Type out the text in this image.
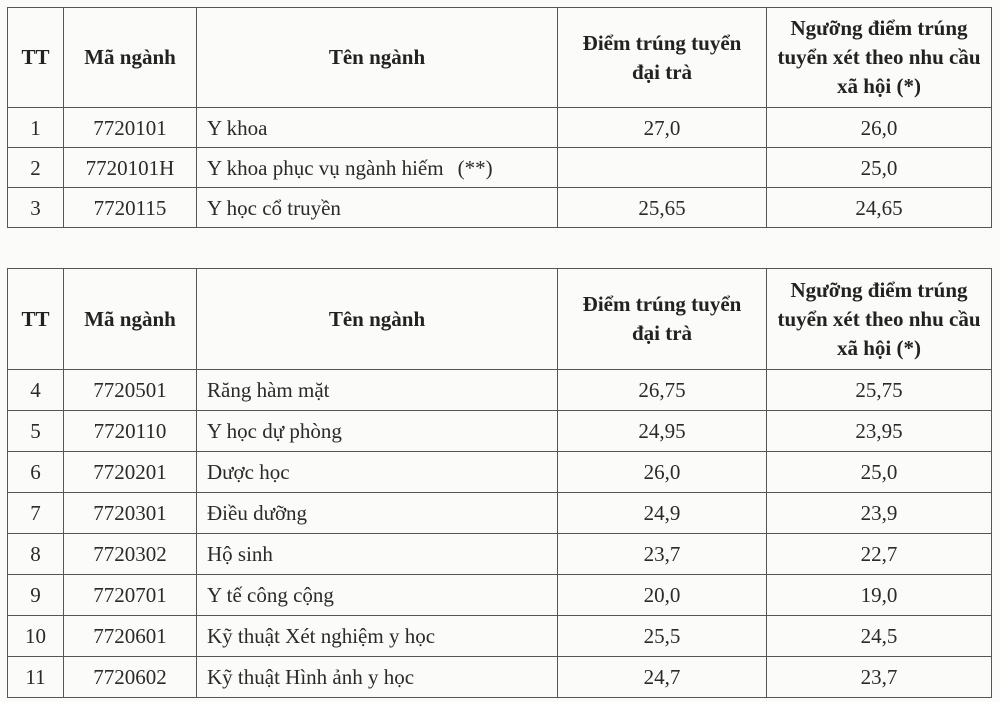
TT	Mã ngành	Tên ngành	Điểm trúng tuyển đại trà	Ngưỡng điểm trúng tuyển xét theo nhu cầu xã hội (*)
1	7720101	Y khoa	27,0	26,0
2	7720101H	Y khoa phục vụ ngành hiếm (**)		25,0
3	7720115	Y học cổ truyền	25,65	24,65
TT	Mã ngành	Tên ngành	Điểm trúng tuyển đại trà	Ngưỡng điểm trúng tuyển xét theo nhu cầu xã hội (*)
4	7720501	Răng hàm mặt	26,75	25,75
5	7720110	Y học dự phòng	24,95	23,95
6	7720201	Dược học	26,0	25,0
7	7720301	Điều dưỡng	24,9	23,9
8	7720302	Hộ sinh	23,7	22,7
9	7720701	Y tế công cộng	20,0	19,0
10	7720601	Kỹ thuật Xét nghiệm y học	25,5	24,5
11	7720602	Kỹ thuật Hình ảnh y học	24,7	23,7
